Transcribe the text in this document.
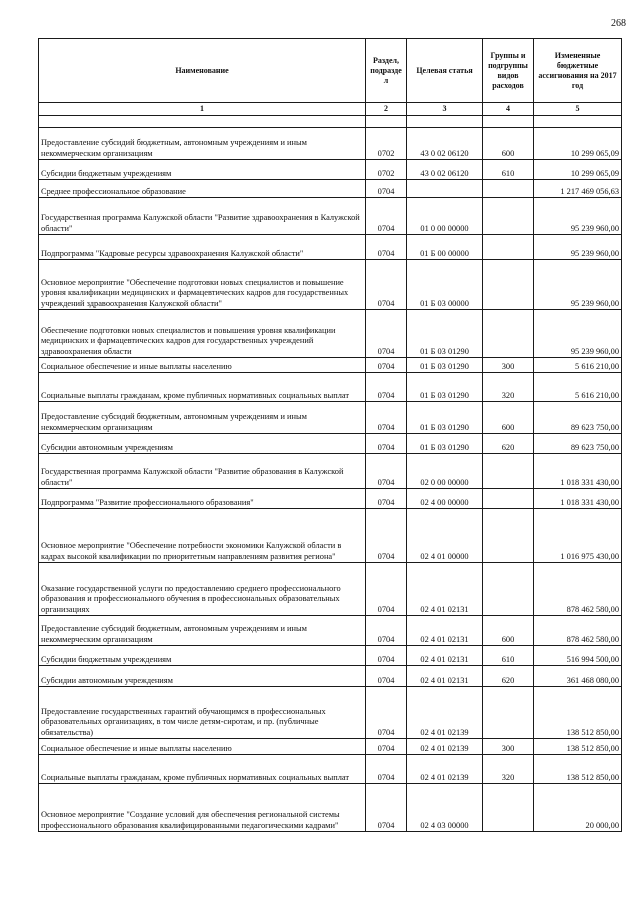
268
Наименование	Раздел, подразде л	Целевая статья	Группы и подгруппы видов расходов	Измененные бюджетные ассигнования на 2017 год
1	2	3	4	5

Предоставление субсидий бюджетным, автономным учреждениям и иным некоммерческим организациям	0702	43 0 02 06120	600	10 299 065,09
Субсидии бюджетным учреждениям	0702	43 0 02 06120	610	10 299 065,09
Среднее профессиональное образование	0704			1 217 469 056,63
Государственная программа Калужской области "Развитие здравоохранения в Калужской области"	0704	01 0 00 00000		95 239 960,00
Подпрограмма "Кадровые ресурсы здравоохранения Калужской области"	0704	01 Б 00 00000		95 239 960,00
Основное мероприятие "Обеспечение подготовки новых специалистов и повышение уровня квалификации медицинских и фармацевтических кадров для государственных учреждений здравоохранения Калужской области"	0704	01 Б 03 00000		95 239 960,00
Обеспечение подготовки новых специалистов и повышения уровня квалификации медицинских и фармацевтических кадров для государственных учреждений здравоохранения области	0704	01 Б 03 01290		95 239 960,00
Социальное обеспечение и иные выплаты населению	0704	01 Б 03 01290	300	5 616 210,00
Социальные выплаты гражданам, кроме публичных нормативных социальных выплат	0704	01 Б 03 01290	320	5 616 210,00
Предоставление субсидий бюджетным, автономным учреждениям и иным некоммерческим организациям	0704	01 Б 03 01290	600	89 623 750,00
Субсидии автономным учреждениям	0704	01 Б 03 01290	620	89 623 750,00
Государственная программа Калужской области "Развитие образования в Калужской области"	0704	02 0 00 00000		1 018 331 430,00
Подпрограмма "Развитие профессионального образования"	0704	02 4 00 00000		1 018 331 430,00
Основное мероприятие "Обеспечение потребности экономики Калужской области в кадрах высокой квалификации по приоритетным направлениям развития региона"	0704	02 4 01 00000		1 016 975 430,00
Оказание государственной услуги по предоставлению среднего профессионального образования и профессионального обучения в профессиональных образовательных организациях	0704	02 4 01 02131		878 462 580,00
Предоставление субсидий бюджетным, автономным учреждениям и иным некоммерческим организациям	0704	02 4 01 02131	600	878 462 580,00
Субсидии бюджетным учреждениям	0704	02 4 01 02131	610	516 994 500,00
Субсидии автономным учреждениям	0704	02 4 01 02131	620	361 468 080,00
Предоставление государственных гарантий обучающимся в профессиональных образовательных организациях, в том числе детям-сиротам, и пр. (публичные обязательства)	0704	02 4 01 02139		138 512 850,00
Социальное обеспечение и иные выплаты населению	0704	02 4 01 02139	300	138 512 850,00
Социальные выплаты гражданам, кроме публичных нормативных социальных выплат	0704	02 4 01 02139	320	138 512 850,00
Основное мероприятие "Создание условий для обеспечения региональной системы профессионального образования квалифицированными педагогическими кадрами"	0704	02 4 03 00000		20 000,00
